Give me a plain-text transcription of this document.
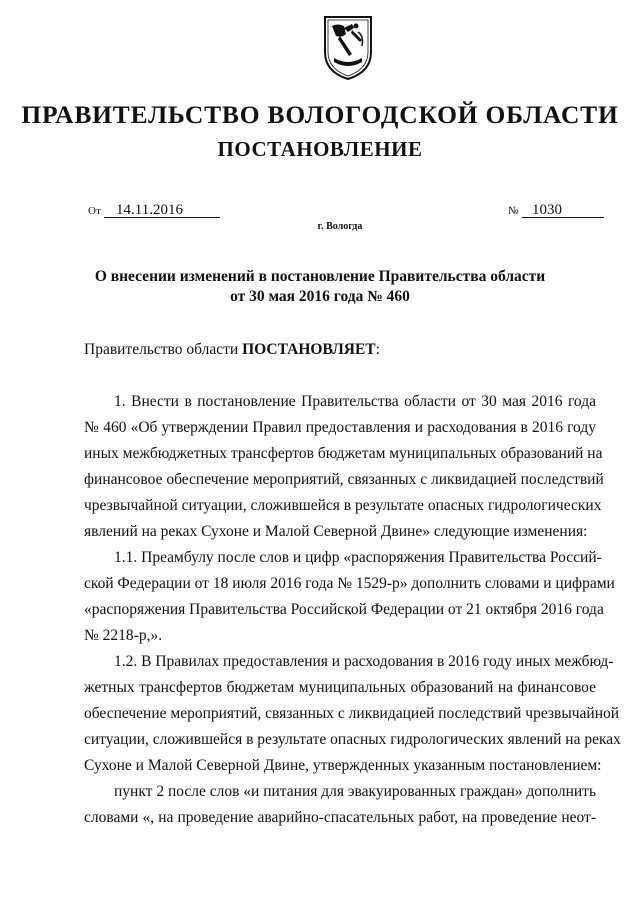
ПРАВИТЕЛЬСТВО ВОЛОГОДСКОЙ ОБЛАСТИ
ПОСТАНОВЛЕНИЕ
От	14.11.2016	№ 1030
г. Вологда
О внесении изменений в постановление Правительства области
от 30 мая 2016 года № 460
Правительство области ПОСТАНОВЛЯЕТ:
1. Внести в постановление Правительства области от 30 мая 2016 года
№ 460 «Об утверждении Правил предоставления и расходования в 2016 году
иных межбюджетных трансфертов бюджетам муниципальных образований на
финансовое обеспечение мероприятий, связанных с ликвидацией последствий
чрезвычайной ситуации, сложившейся в результате опасных гидрологических
явлений на реках Сухоне и Малой Северной Двине» следующие изменения:
1.1. Преамбулу после слов и цифр «распоряжения Правительства Россий-
ской Федерации от 18 июля 2016 года № 1529-р» дополнить словами и цифрами
«распоряжения Правительства Российской Федерации от 21 октября 2016 года
№ 2218-р,».
1.2. В Правилах предоставления и расходования в 2016 году иных межбюд-
жетных трансфертов бюджетам муниципальных образований на финансовое
обеспечение мероприятий, связанных с ликвидацией последствий чрезвычайной
ситуации, сложившейся в результате опасных гидрологических явлений на реках
Сухоне и Малой Северной Двине, утвержденных указанным постановлением:
пункт 2 после слов «и питания для эвакуированных граждан» дополнить
словами «, на проведение аварийно-спасательных работ, на проведение неот-
